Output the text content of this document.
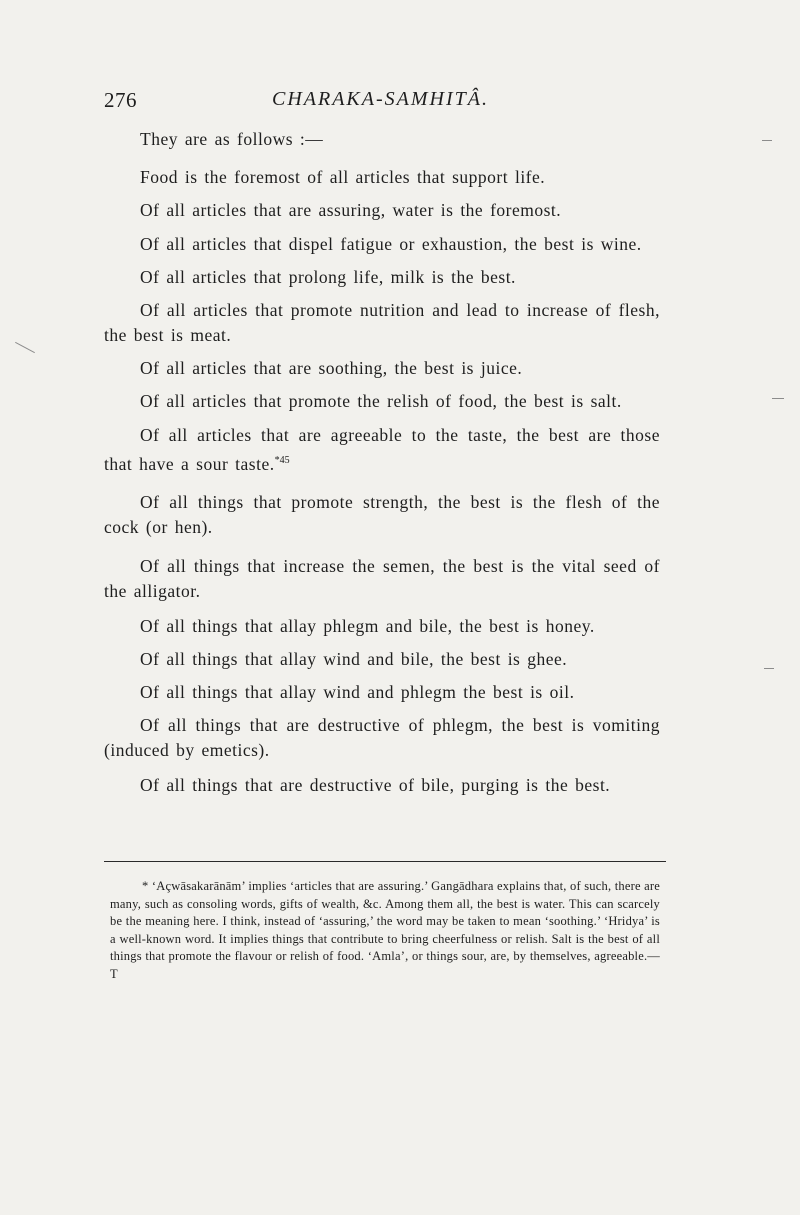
276	CHARAKA-SAMHITÂ.

They are as follows :—

Food is the foremost of all articles that support life.

Of all articles that are assuring, water is the foremost.

Of all articles that dispel fatigue or exhaustion, the best is wine.

Of all articles that prolong life, milk is the best.

Of all articles that promote nutrition and lead to increase of flesh, the best is meat.

Of all articles that are soothing, the best is juice.

Of all articles that promote the relish of food, the best is salt.

Of all articles that are agreeable to the taste, the best are those that have a sour taste.$^{*45}$

Of all things that promote strength, the best is the flesh of the cock (or hen).

Of all things that increase the semen, the best is the vital seed of the alligator.

Of all things that allay phlegm and bile, the best is honey.

Of all things that allay wind and bile, the best is ghee.

Of all things that allay wind and phlegm the best is oil.

Of all things that are destructive of phlegm, the best is vomiting (induced by emetics).

Of all things that are destructive of bile, purging is the best.

* ‘Açwāsakarānām’ implies ‘articles that are assuring.’ Gangādhara explains that, of such, there are many, such as consoling words, gifts of wealth, &c. Among them all, the best is water. This can scarcely be the meaning here. I think, instead of ‘assuring,’ the word may be taken to mean ‘soothing.’ ‘Hridya’ is a well-known word. It implies things that contribute to bring cheerfulness or relish. Salt is the best of all things that promote the flavour or relish of food. ‘Amla’, or things sour, are, by themselves, agreeable.—T
